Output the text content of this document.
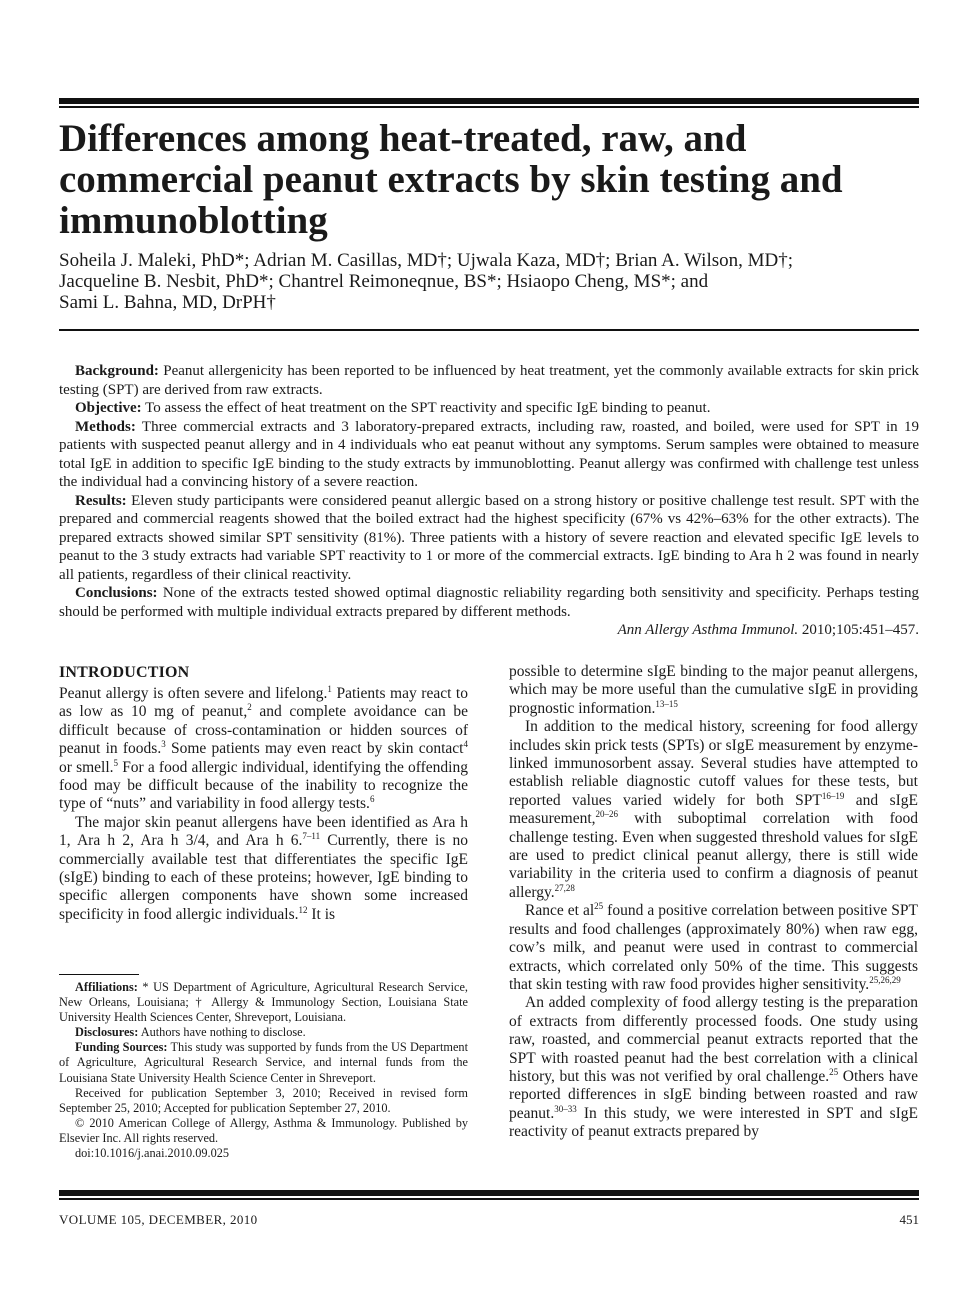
Differences among heat-treated, raw, and commercial peanut extracts by skin testing and immunoblotting
Soheila J. Maleki, PhD*; Adrian M. Casillas, MD†; Ujwala Kaza, MD†; Brian A. Wilson, MD†;
Jacqueline B. Nesbit, PhD*; Chantrel Reimoneqnue, BS*; Hsiaopo Cheng, MS*; and
Sami L. Bahna, MD, DrPH†

Background: Peanut allergenicity has been reported to be influenced by heat treatment, yet the commonly available extracts for skin prick testing (SPT) are derived from raw extracts.

Objective: To assess the effect of heat treatment on the SPT reactivity and specific IgE binding to peanut.

Methods: Three commercial extracts and 3 laboratory-prepared extracts, including raw, roasted, and boiled, were used for SPT in 19 patients with suspected peanut allergy and in 4 individuals who eat peanut without any symptoms. Serum samples were obtained to measure total IgE in addition to specific IgE binding to the study extracts by immunoblotting. Peanut allergy was confirmed with challenge test unless the individual had a convincing history of a severe reaction.

Results: Eleven study participants were considered peanut allergic based on a strong history or positive challenge test result. SPT with the prepared and commercial reagents showed that the boiled extract had the highest specificity (67% vs 42%–63% for the other extracts). The prepared extracts showed similar SPT sensitivity (81%). Three patients with a history of severe reaction and elevated specific IgE levels to peanut to the 3 study extracts had variable SPT reactivity to 1 or more of the commercial extracts. IgE binding to Ara h 2 was found in nearly all patients, regardless of their clinical reactivity.

Conclusions: None of the extracts tested showed optimal diagnostic reliability regarding both sensitivity and specificity. Perhaps testing should be performed with multiple individual extracts prepared by different methods.

Ann Allergy Asthma Immunol. 2010;105:451–457.
INTRODUCTION

Peanut allergy is often severe and lifelong.$^1$ Patients may react to as low as 10 mg of peanut,$^2$ and complete avoidance can be difficult because of cross-contamination or hidden sources of peanut in foods.$^3$ Some patients may even react by skin contact$^4$ or smell.$^5$ For a food allergic individual, identifying the offending food may be difficult because of the inability to recognize the type of “nuts” and variability in food allergy tests.$^6$

The major skin peanut allergens have been identified as Ara h 1, Ara h 2, Ara h 3/4, and Ara h 6.$^{7-11}$ Currently, there is no commercially available test that differentiates the specific IgE (sIgE) binding to each of these proteins; however, IgE binding to specific allergen components have shown some increased specificity in food allergic individuals.$^{12}$ It is

possible to determine sIgE binding to the major peanut allergens, which may be more useful than the cumulative sIgE in providing prognostic information.$^{13-15}$

In addition to the medical history, screening for food allergy includes skin prick tests (SPTs) or sIgE measurement by enzyme-linked immunosorbent assay. Several studies have attempted to establish reliable diagnostic cutoff values for these tests, but reported values varied widely for both SPT$^{16-19}$ and sIgE measurement,$^{20-26}$ with suboptimal correlation with food challenge testing. Even when suggested threshold values for sIgE are used to predict clinical peanut allergy, there is still wide variability in the criteria used to confirm a diagnosis of peanut allergy.$^{27,28}$

Rance et $al^{25}$ found a positive correlation between positive SPT results and food challenges (approximately 80%) when raw egg, cow’s milk, and peanut were used in contrast to commercial extracts, which correlated only 50% of the time. This suggests that skin testing with raw food provides higher sensitivity.$^{25,26,29}$

An added complexity of food allergy testing is the preparation of extracts from differently processed foods. One study using raw, roasted, and commercial peanut extracts reported that the SPT with roasted peanut had the best correlation with a clinical history, but this was not verified by oral challenge.$^{25}$ Others have reported differences in sIgE binding between roasted and raw peanut.$^{30-33}$ In this study, we were interested in SPT and sIgE reactivity of peanut extracts prepared by

Affiliations: * US Department of Agriculture, Agricultural Research Service, New Orleans, Louisiana; † Allergy & Immunology Section, Louisiana State University Health Sciences Center, Shreveport, Louisiana.

Disclosures: Authors have nothing to disclose.

Funding Sources: This study was supported by funds from the US Department of Agriculture, Agricultural Research Service, and internal funds from the Louisiana State University Health Science Center in Shreveport.

Received for publication September 3, 2010; Received in revised form September 25, 2010; Accepted for publication September 27, 2010.

© 2010 American College of Allergy, Asthma & Immunology. Published by Elsevier Inc. All rights reserved.

doi:10.1016/j.anai.2010.09.025

VOLUME 105, DECEMBER, 2010	451
